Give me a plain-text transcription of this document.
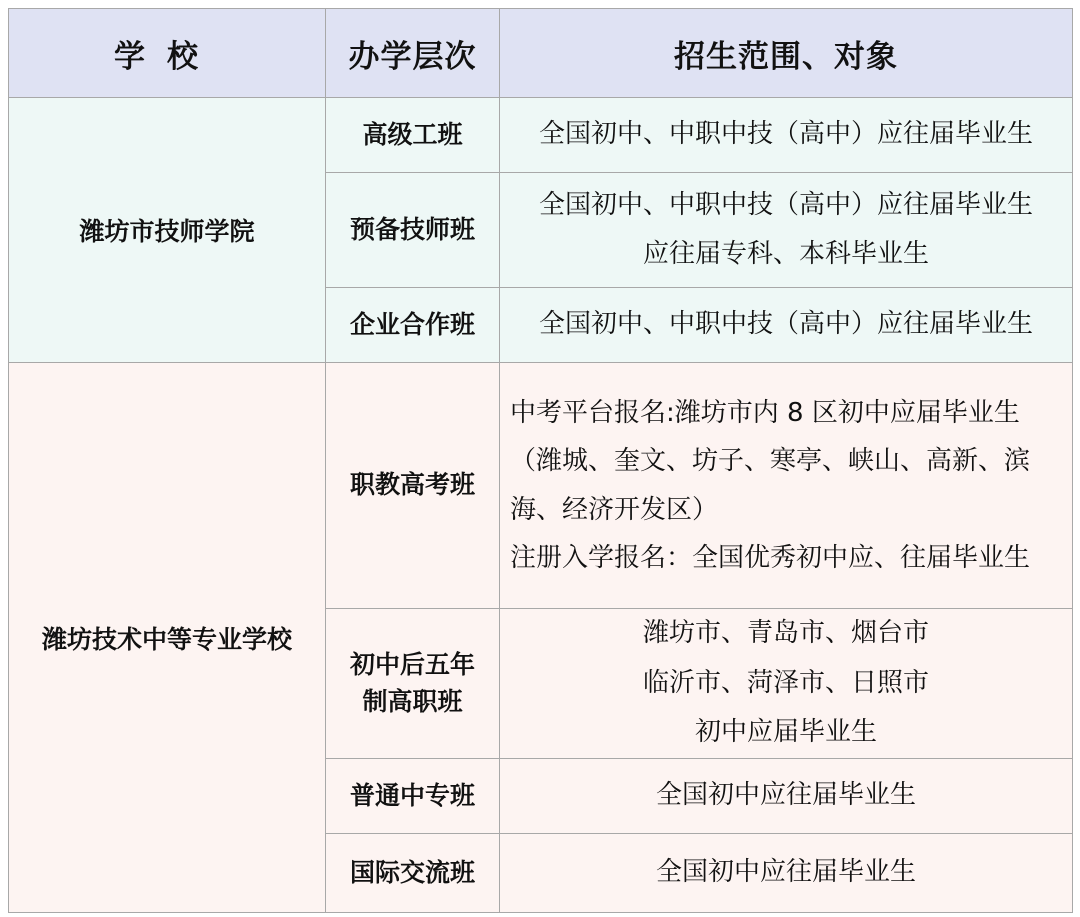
学校	办学层次	招生范围、对象
潍坊市技师学院	高级工班	全国初中、中职中技（高中）应往届毕业生

	预备技师班	全国初中、中职中技（高中）应往届毕业生
应往届专科、本科毕业生

	企业合作班	全国初中、中职中技（高中）应往届毕业生

潍坊技术中等专业学校	职教高考班	中考平台报名:潍坊市内 8 区初中应届毕业生（潍城、奎文、坊子、寒亭、峡山、高新、滨海、经济开发区）
注册入学报名：全国优秀初中应、往届毕业生

	初中后五年
制高职班	潍坊市、青岛市、烟台市
临沂市、菏泽市、日照市
初中应届毕业生

	普通中专班	全国初中应往届毕业生

	国际交流班	全国初中应往届毕业生
